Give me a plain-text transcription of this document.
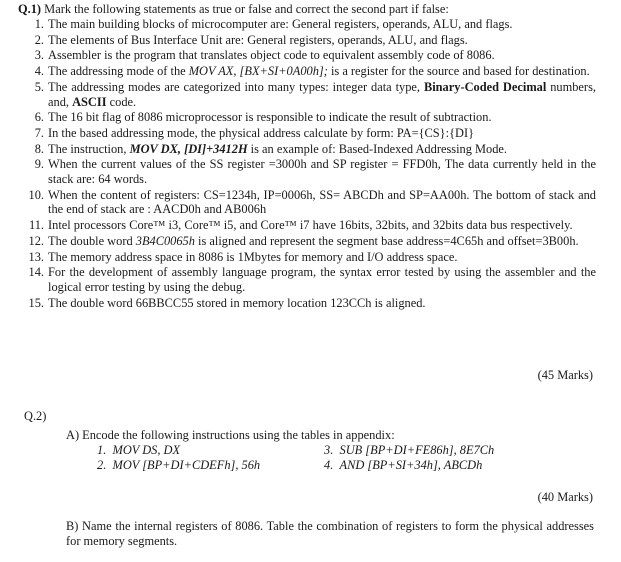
Q.1) Mark the following statements as true or false and correct the second part if false:
1. The main building blocks of microcomputer are: General registers, operands, ALU, and flags.
2. The elements of Bus Interface Unit are: General registers, operands, ALU, and flags.
3. Assembler is the program that translates object code to equivalent assembly code of 8086.
4. The addressing mode of the MOV AX, [BX+SI+0A00h]; is a register for the source and based for destination.
5. The addressing modes are categorized into many types: integer data type, Binary-Coded Decimal numbers, and, ASCII code.
6. The 16 bit flag of 8086 microprocessor is responsible to indicate the result of subtraction.
7. In the based addressing mode, the physical address calculate by form: PA={CS}:{DI}
8. The instruction, MOV DX, [DI]+3412H is an example of: Based-Indexed Addressing Mode.
9. When the current values of the SS register =3000h and SP register = FFD0h, The data currently held in the stack are: 64 words.
10. When the content of registers: CS=1234h, IP=0006h, SS= ABCDh and SP=AA00h. The bottom of stack and the end of stack are : AACD0h and AB006h
11. Intel processors Core™ i3, Core™ i5, and Core™ i7 have 16bits, 32bits, and 32bits data bus respectively.
12. The double word 3B4C0065h is aligned and represent the segment base address=4C65h and offset=3B00h.
13. The memory address space in 8086 is 1Mbytes for memory and I/O address space.
14. For the development of assembly language program, the syntax error tested by using the assembler and the logical error testing by using the debug.
15. The double word 66BBCC55 stored in memory location 123CCh is aligned.
(45 Marks)
Q.2)
A) Encode the following instructions using the tables in appendix:
1. MOV DS, DX
2. MOV [BP+DI+CDEFh], 56h
3. SUB [BP+DI+FE86h], 8E7Ch
4. AND [BP+SI+34h], ABCDh
(40 Marks)
B) Name the internal registers of 8086. Table the combination of registers to form the physical addresses for memory segments.
